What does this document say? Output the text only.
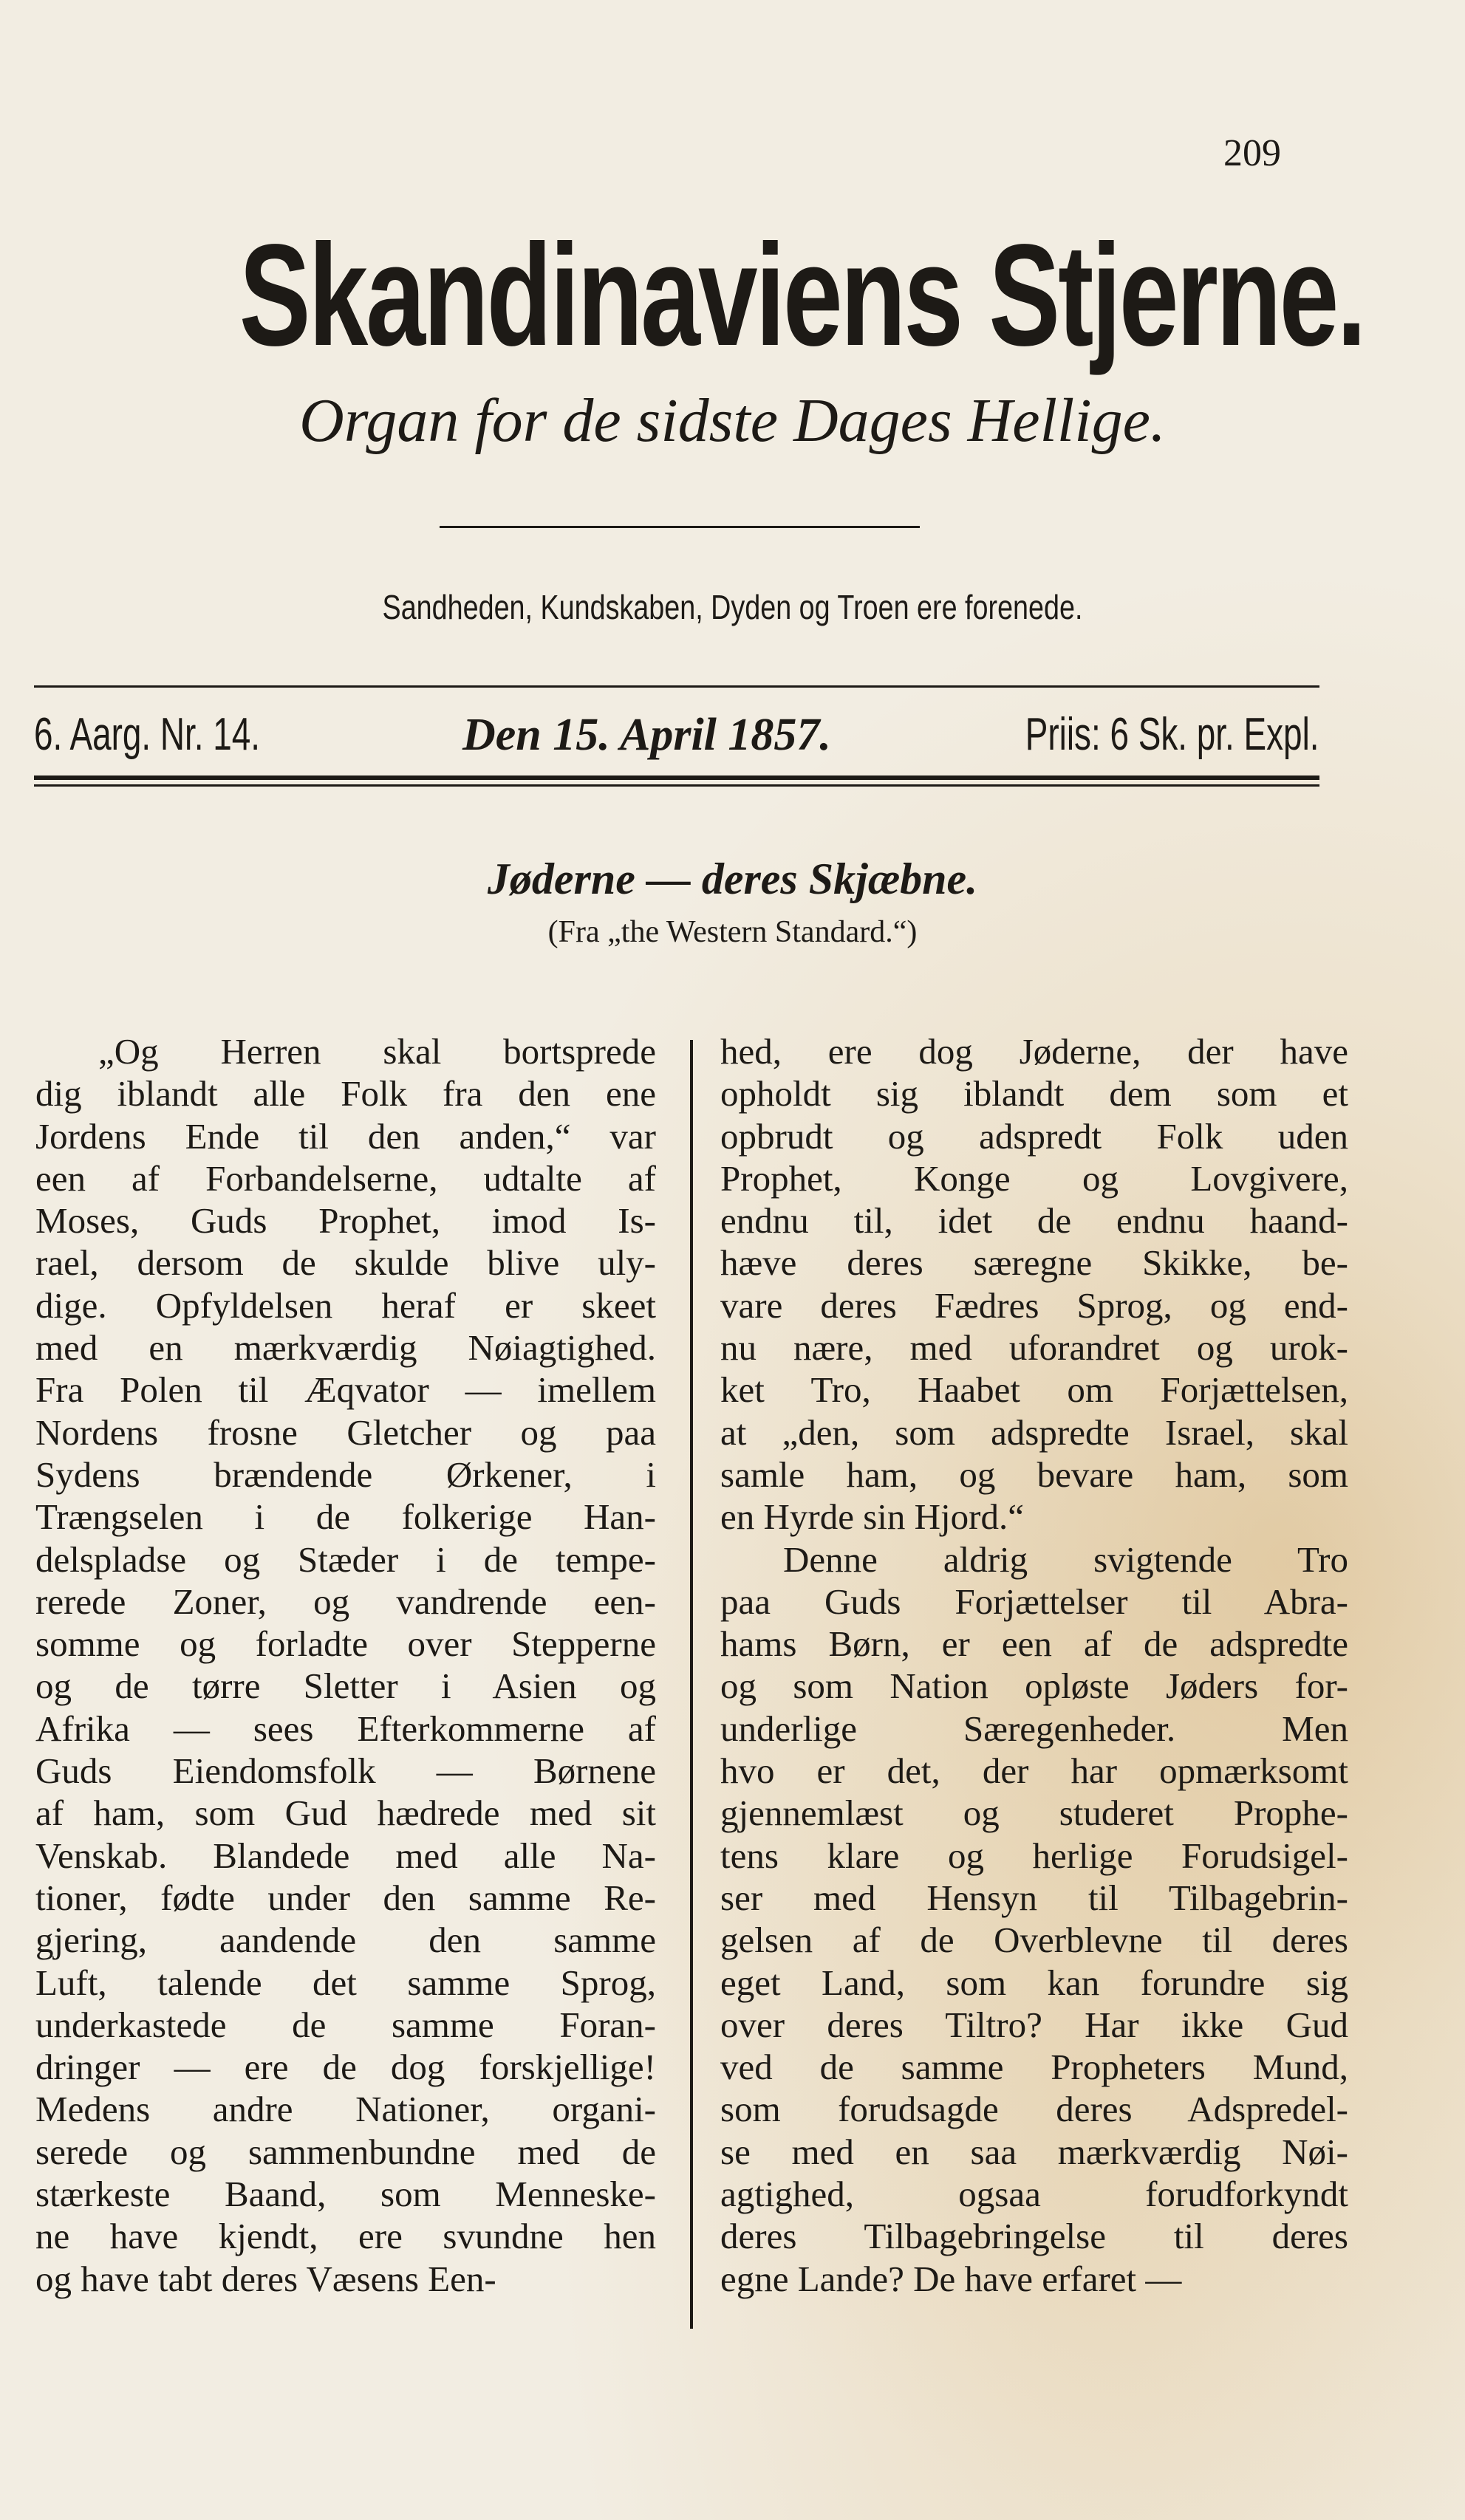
209
Skandinaviens Stjerne.
Organ for de sidste Dages Hellige.
Sandheden, Kundskaben, Dyden og Troen ere forenede.
6. Aarg. Nr. 14.	Den 15. April 1857.	Priis: 6 Sk. pr. Expl.
Jøderne — deres Skjæbne.
(Fra „the Western Standard.“)
„Og Herren skal bortsprede
dig iblandt alle Folk fra den ene
Jordens Ende til den anden,“ var
een af Forbandelserne, udtalte af
Moses, Guds Prophet, imod Is-
rael, dersom de skulde blive uly-
dige. Opfyldelsen heraf er skeet
med en mærkværdig Nøiagtighed.
Fra Polen til Æqvator — imellem
Nordens frosne Gletcher og paa
Sydens brændende Ørkener, i
Trængselen i de folkerige Han-
delspladse og Stæder i de tempe-
rerede Zoner, og vandrende een-
somme og forladte over Stepperne
og de tørre Sletter i Asien og
Afrika — sees Efterkommerne af
Guds Eiendomsfolk — Børnene
af ham, som Gud hædrede med sit
Venskab. Blandede med alle Na-
tioner, fødte under den samme Re-
gjering, aandende den samme
Luft, talende det samme Sprog,
underkastede de samme Foran-
dringer — ere de dog forskjellige!
Medens andre Nationer, organi-
serede og sammenbundne med de
stærkeste Baand, som Menneske-
ne have kjendt, ere svundne hen
og have tabt deres Væsens Een-
hed, ere dog Jøderne, der have
opholdt sig iblandt dem som et
opbrudt og adspredt Folk uden
Prophet, Konge og Lovgivere,
endnu til, idet de endnu haand-
hæve deres særegne Skikke, be-
vare deres Fædres Sprog, og end-
nu nære, med uforandret og urok-
ket Tro, Haabet om Forjættelsen,
at „den, som adspredte Israel, skal
samle ham, og bevare ham, som
en Hyrde sin Hjord.“
Denne aldrig svigtende Tro
paa Guds Forjættelser til Abra-
hams Børn, er een af de adspredte
og som Nation opløste Jøders for-
underlige Særegenheder. Men
hvo er det, der har opmærksomt
gjennemlæst og studeret Prophe-
tens klare og herlige Forudsigel-
ser med Hensyn til Tilbagebrin-
gelsen af de Overblevne til deres
eget Land, som kan forundre sig
over deres Tiltro? Har ikke Gud
ved de samme Propheters Mund,
som forudsagde deres Adspredel-
se med en saa mærkværdig Nøi-
agtighed, ogsaa forudforkyndt
deres Tilbagebringelse til deres
egne Lande? De have erfaret —
